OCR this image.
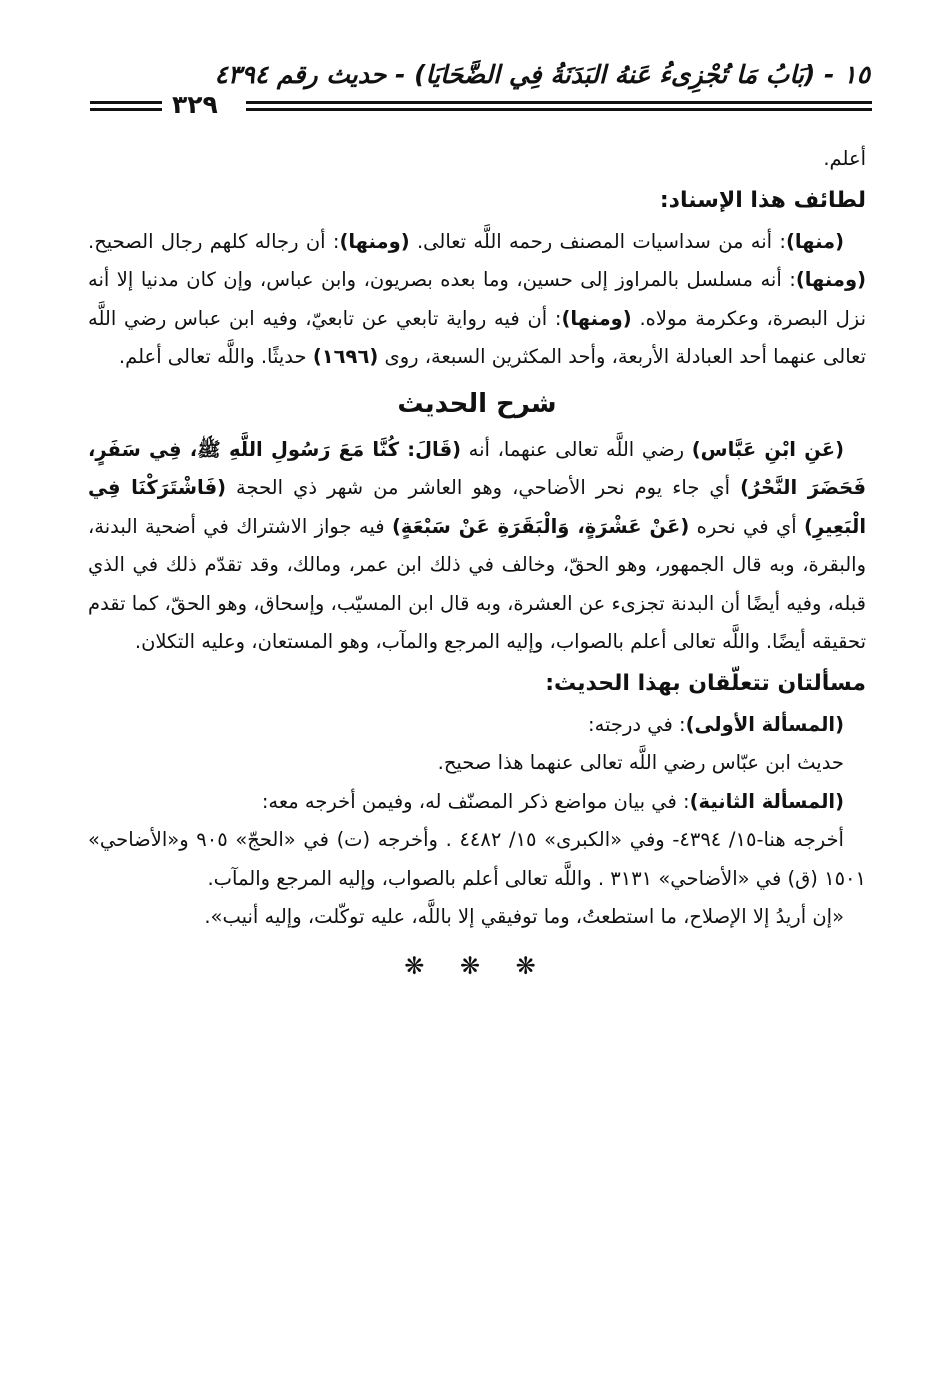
١٥ - (بَابُ مَا تُجْزِىءُ عَنهُ البَدَنَةُ فِي الضَّحَايَا) - حديث رقم ٤٣٩٤
٣٢٩

أعلم.

لطائف هذا الإسناد:

(منها): أنه من سداسيات المصنف رحمه اللَّه تعالى. (ومنها): أن رجاله كلهم رجال الصحيح. (ومنها): أنه مسلسل بالمراوز إلى حسين، وما بعده بصريون، وابن عباس، وإن كان مدنيا إلا أنه نزل البصرة، وعكرمة مولاه. (ومنها): أن فيه رواية تابعي عن تابعيّ، وفيه ابن عباس رضي اللَّه تعالى عنهما أحد العبادلة الأربعة، وأحد المكثرين السبعة، روى (١٦٩٦) حديثًا. واللَّه تعالى أعلم.

شرح الحديث

(عَنِ ابْنِ عَبَّاس) رضي اللَّه تعالى عنهما، أنه (قَالَ: كُنَّا مَعَ رَسُولِ اللَّهِ ﷺ، فِي سَفَرٍ، فَحَضَرَ النَّحْرُ) أي جاء يوم نحر الأضاحي، وهو العاشر من شهر ذي الحجة (فَاشْتَرَكْنَا فِي الْبَعِيرِ) أي في نحره (عَنْ عَشْرَةٍ، وَالْبَقَرَةِ عَنْ سَبْعَةٍ) فيه جواز الاشتراك في أضحية البدنة، والبقرة، وبه قال الجمهور، وهو الحقّ، وخالف في ذلك ابن عمر، ومالك، وقد تقدّم ذلك في الذي قبله، وفيه أيضًا أن البدنة تجزىء عن العشرة، وبه قال ابن المسيّب، وإسحاق، وهو الحقّ، كما تقدم تحقيقه أيضًا. واللَّه تعالى أعلم بالصواب، وإليه المرجع والمآب، وهو المستعان، وعليه التكلان.

مسألتان تتعلّقان بهذا الحديث:

(المسألة الأولى): في درجته:

حديث ابن عبّاس رضي اللَّه تعالى عنهما هذا صحيح.

(المسألة الثانية): في بيان مواضع ذكر المصنّف له، وفيمن أخرجه معه:

أخرجه هنا-١٥/ ٤٣٩٤- وفي «الكبرى» ١٥/ ٤٤٨٢ . وأخرجه (ت) في «الحجّ» ٩٠٥ و«الأضاحي» ١٥٠١ (ق) في «الأضاحي» ٣١٣١ . واللَّه تعالى أعلم بالصواب، وإليه المرجع والمآب.

«إن أريدُ إلا الإصلاح، ما استطعتُ، وما توفيقي إلا باللَّه، عليه توكّلت، وإليه أنيب».

❋ ❋ ❋
